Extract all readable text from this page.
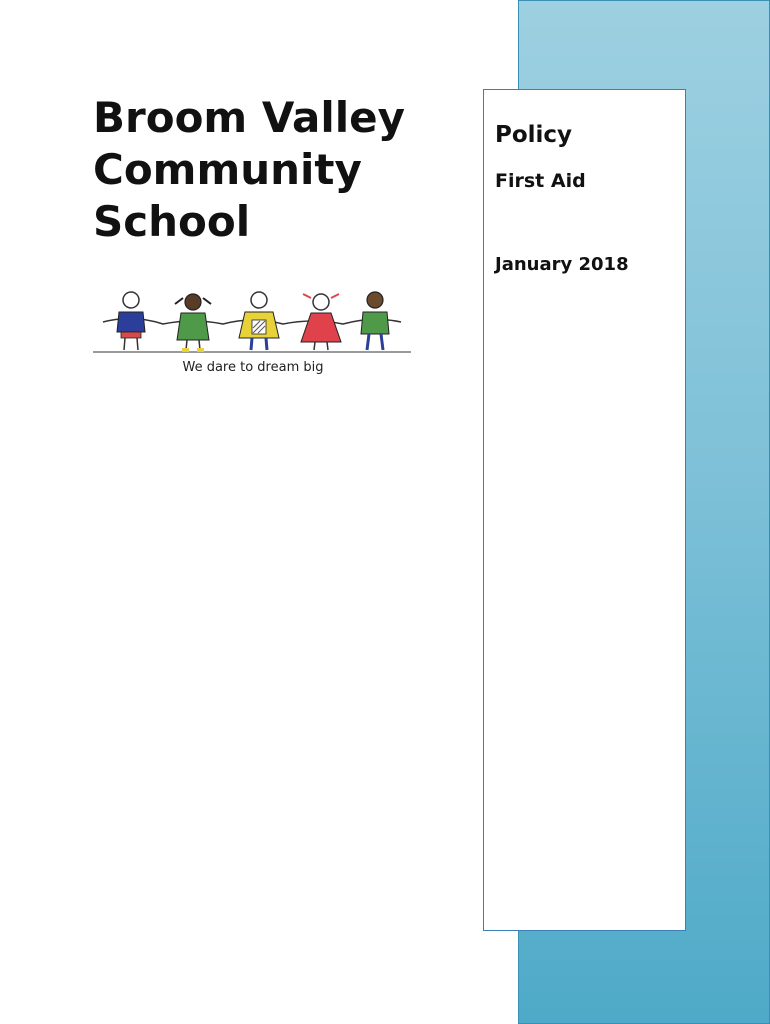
Policy

First Aid

January 2018

Broom Valley
Community
School
We dare to dream big
